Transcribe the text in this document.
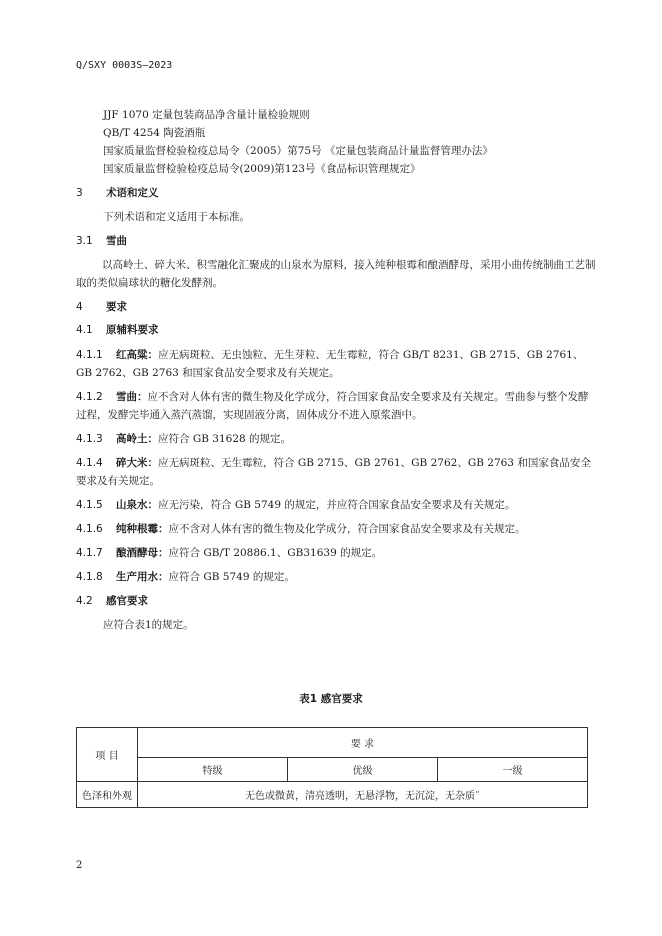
Q/SXY 0003S—2023
JJF 1070 定量包装商品净含量计量检验规则
QB/T 4254 陶瓷酒瓶
国家质量监督检验检疫总局令（2005）第75号 《定量包装商品计量监督管理办法》
国家质量监督检验检疫总局令(2009)第123号《食品标识管理规定》
3 术语和定义
下列术语和定义适用于本标准。
3.1 雪曲
以高岭土、碎大米、积雪融化汇聚成的山泉水为原料，接入纯种根霉和酿酒酵母，采用小曲传统制曲工艺制取的类似扁球状的糖化发酵剂。
4 要求
4.1 原辅料要求
4.1.1 红高粱：应无病斑粒、无虫蚀粒、无生芽粒、无生霉粒，符合 GB/T 8231、GB 2715、GB 2761、GB 2762、GB 2763 和国家食品安全要求及有关规定。
4.1.2 雪曲：应不含对人体有害的微生物及化学成分，符合国家食品安全要求及有关规定。雪曲参与整个发酵过程，发酵完毕通入蒸汽蒸馏，实现固液分离，固体成分不进入原浆酒中。
4.1.3 高岭土：应符合 GB 31628 的规定。
4.1.4 碎大米：应无病斑粒、无生霉粒，符合 GB 2715、GB 2761、GB 2762、GB 2763 和国家食品安全要求及有关规定。
4.1.5 山泉水：应无污染，符合 GB 5749 的规定，并应符合国家食品安全要求及有关规定。
4.1.6 纯种根霉：应不含对人体有害的微生物及化学成分，符合国家食品安全要求及有关规定。
4.1.7 酿酒酵母：应符合 GB/T 20886.1、GB31639 的规定。
4.1.8 生产用水：应符合 GB 5749 的规定。
4.2 感官要求
应符合表1的规定。
表1 感官要求
项 目	要 求		
	特级	优级	一级
色泽和外观	无色或微黄，清亮透明，无悬浮物，无沉淀，无杂质¨		
2
